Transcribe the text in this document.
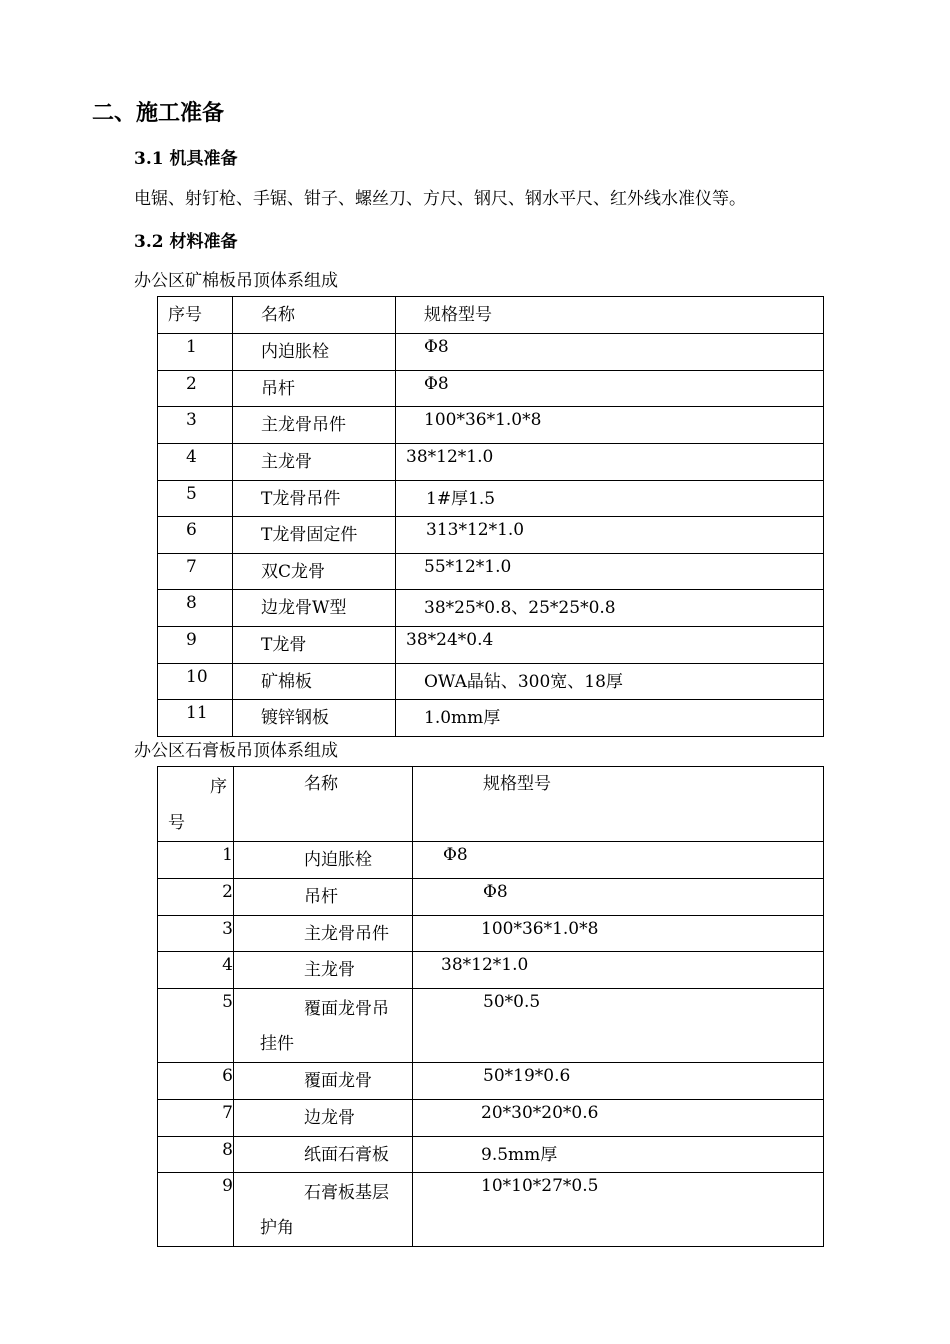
二、施工准备
3.1 机具准备
电锯、射钉枪、手锯、钳子、螺丝刀、方尺、钢尺、钢水平尺、红外线水准仪等。
3.2 材料准备
办公区矿棉板吊顶体系组成
序号	名称	规格型号

1	内迫胀栓	Φ8

2	吊杆	Φ8

3	主龙骨吊件	100*36*1.0*8

4	主龙骨	38*12*1.0

5	T龙骨吊件	1#厚1.5

6	T龙骨固定件	313*12*1.0

7	双C龙骨	55*12*1.0

8	边龙骨W型	38*25*0.8、25*25*0.8

9	T龙骨	38*24*0.4

10	矿棉板	OWA晶钻、300宽、18厚

11	镀锌钢板	1.0mm厚
办公区石膏板吊顶体系组成
序
号	名称	规格型号

1	内迫胀栓	Φ8

2	吊杆	Φ8

3	主龙骨吊件	100*36*1.0*8

4	主龙骨	38*12*1.0

5	覆面龙骨吊
挂件	50*0.5

6	覆面龙骨	50*19*0.6

7	边龙骨	20*30*20*0.6

8	纸面石膏板	9.5mm厚

9	石膏板基层
护角	10*10*27*0.5
